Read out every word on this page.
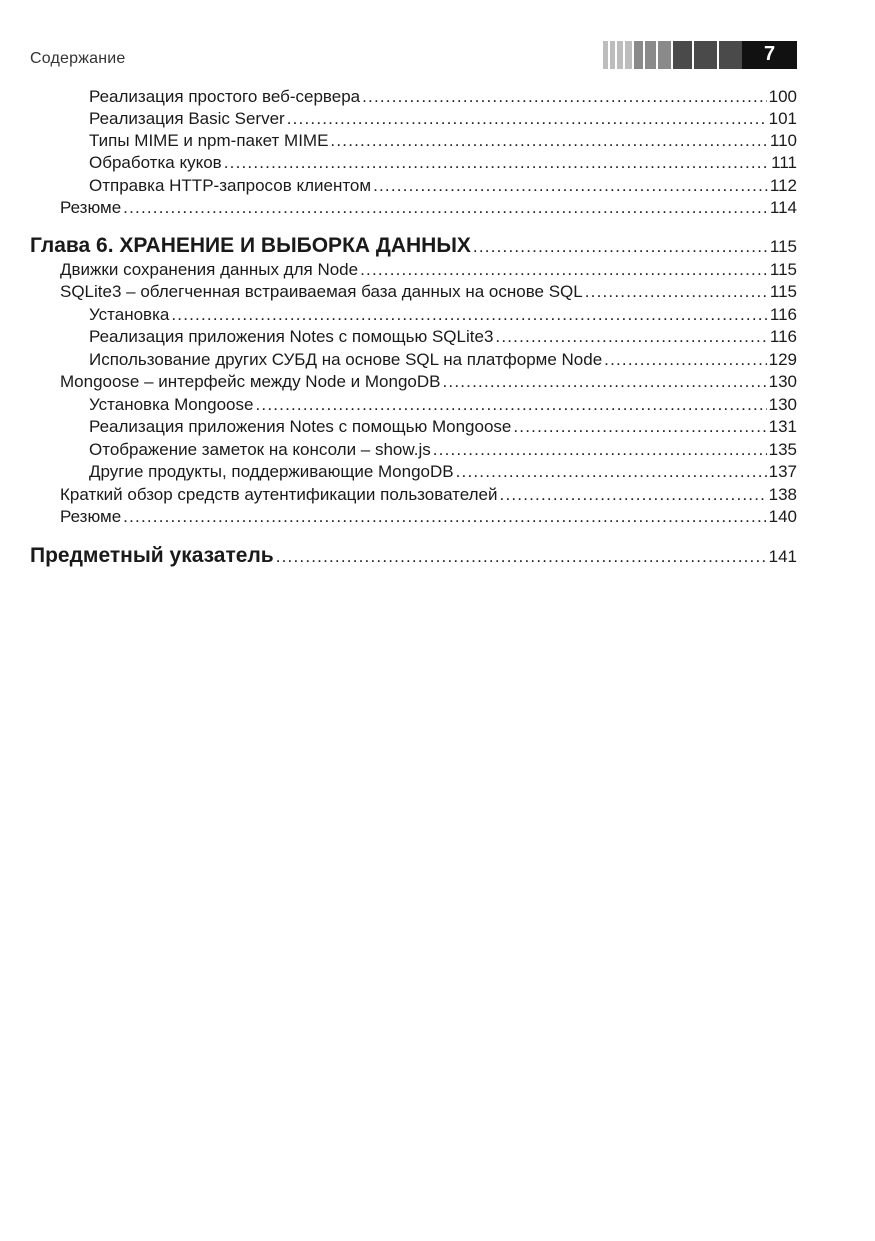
Содержание	7
Реализация простого веб-сервера .....	100
Реализация Basic Server .....	101
Типы MIME и npm-пакет MIME .....	110
Обработка куков .....	111
Отправка HTTP-запросов клиентом .....	112
Резюме .....	114
Глава 6. ХРАНЕНИЕ И ВЫБОРКА ДАННЫХ .....	115
Движки сохранения данных для Node .....	115
SQLite3 – облегченная встраиваемая база данных на основе SQL .....	115
Установка .....	116
Реализация приложения Notes с помощью SQLite3 .....	116
Использование других СУБД на основе SQL на платформе Node .....	129
Mongoose – интерфейс между Node и MongoDB .....	130
Установка Mongoose .....	130
Реализация приложения Notes с помощью Mongoose .....	131
Отображение заметок на консоли – show.js .....	135
Другие продукты, поддерживающие MongoDB .....	137
Краткий обзор средств аутентификации пользователей .....	138
Резюме .....	140
Предметный указатель .....	141
